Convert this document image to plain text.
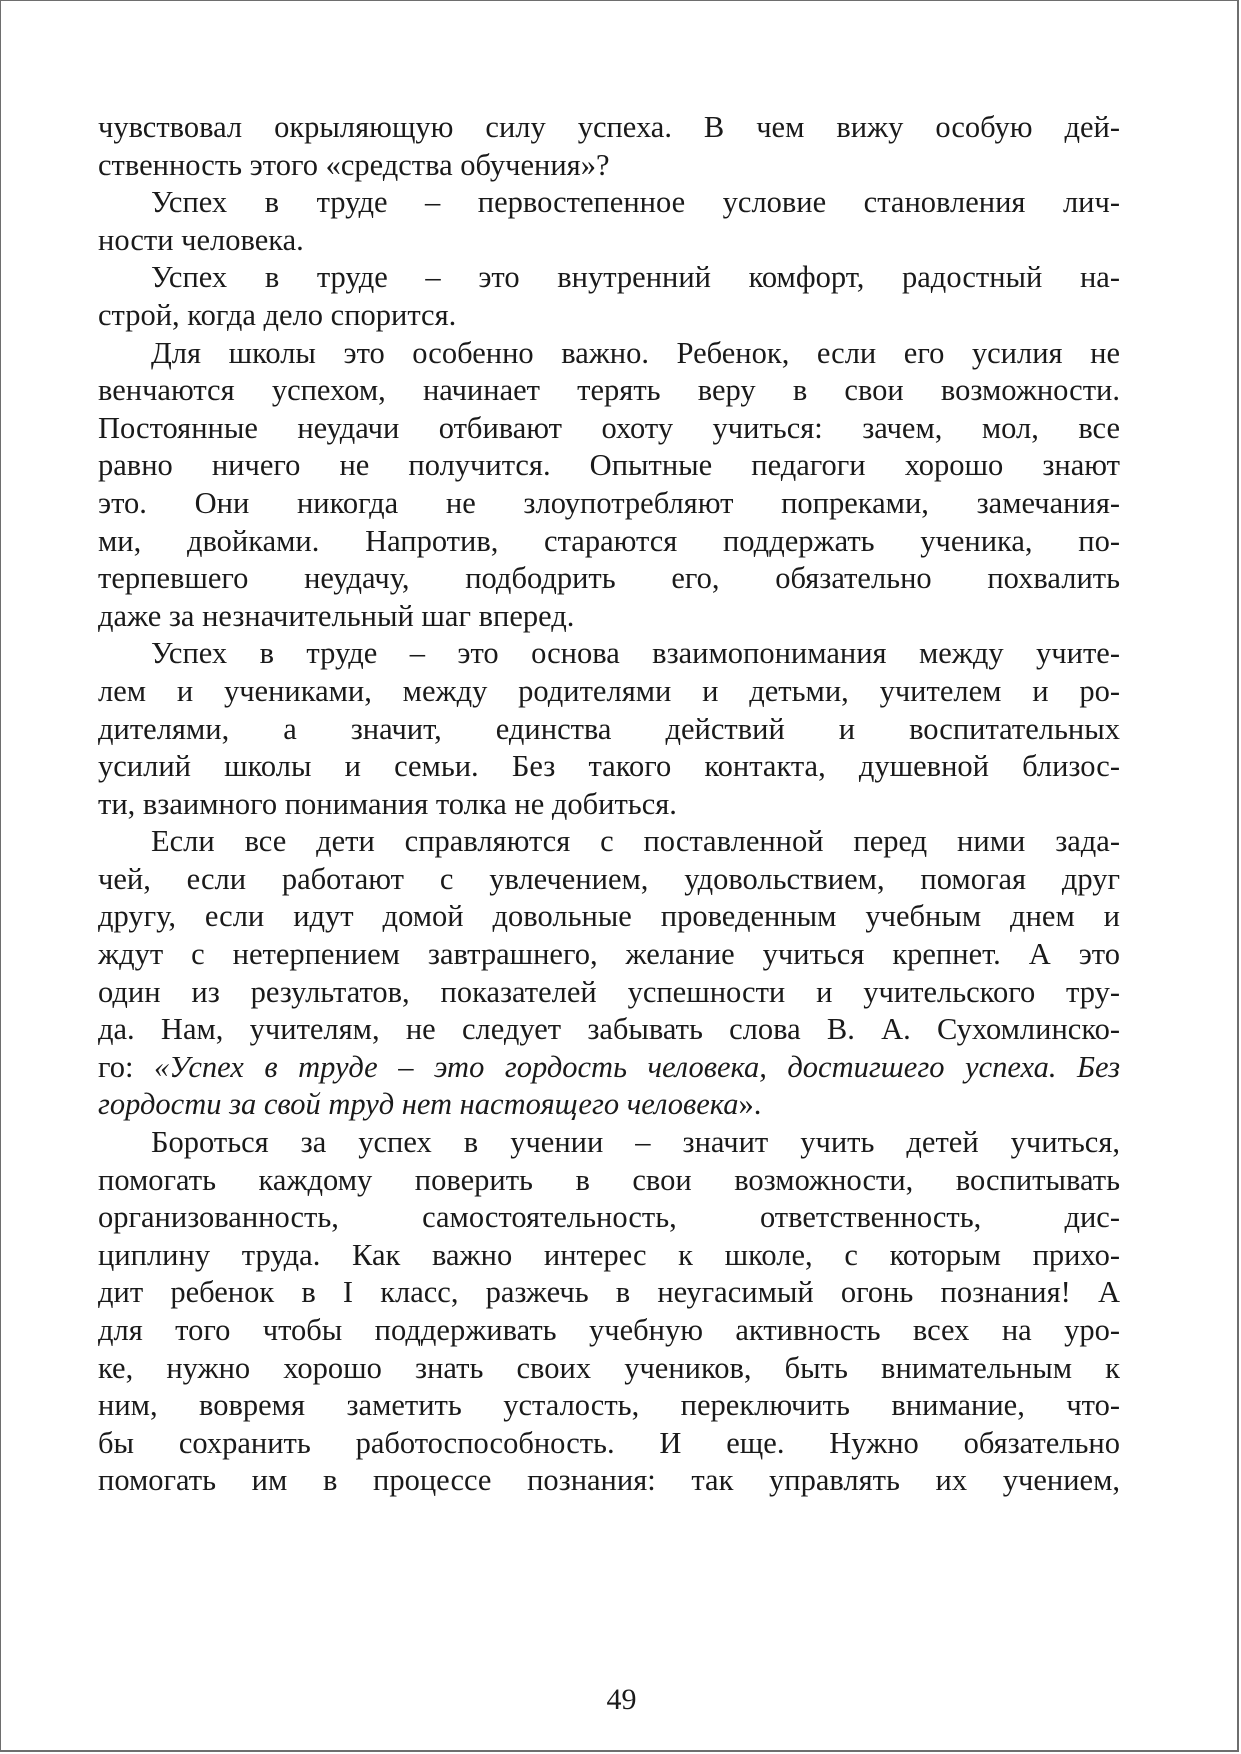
чувствовал окрыляющую силу успеха. В чем вижу особую дей-
ственность этого «средства обучения»?
Успех в труде – первостепенное условие становления лич-
ности человека.
Успех в труде – это внутренний комфорт, радостный на-
строй, когда дело спорится.
Для школы это особенно важно. Ребенок, если его усилия не
венчаются успехом, начинает терять веру в свои возможности.
Постоянные неудачи отбивают охоту учиться: зачем, мол, все
равно ничего не получится. Опытные педагоги хорошо знают
это. Они никогда не злоупотребляют попреками, замечания-
ми, двойками. Напротив, стараются поддержать ученика, по-
терпевшего неудачу, подбодрить его, обязательно похвалить
даже за незначительный шаг вперед.
Успех в труде – это основа взаимопонимания между учите-
лем и учениками, между родителями и детьми, учителем и ро-
дителями, а значит, единства действий и воспитательных
усилий школы и семьи. Без такого контакта, душевной близос-
ти, взаимного понимания толка не добиться.
Если все дети справляются с поставленной перед ними зада-
чей, если работают с увлечением, удовольствием, помогая друг
другу, если идут домой довольные проведенным учебным днем и
ждут с нетерпением завтрашнего, желание учиться крепнет. А это
один из результатов, показателей успешности и учительского тру-
да. Нам, учителям, не следует забывать слова В. А. Сухомлинско-
го: «Успех в труде – это гордость человека, достигшего успеха. Без
гордости за свой труд нет настоящего человека».
Бороться за успех в учении – значит учить детей учиться,
помогать каждому поверить в свои возможности, воспитывать
организованность, самостоятельность, ответственность, дис-
циплину труда. Как важно интерес к школе, с которым прихо-
дит ребенок в I класс, разжечь в неугасимый огонь познания! А
для того чтобы поддерживать учебную активность всех на уро-
ке, нужно хорошо знать своих учеников, быть внимательным к
ним, вовремя заметить усталость, переключить внимание, что-
бы сохранить работоспособность. И еще. Нужно обязательно
помогать им в процессе познания: так управлять их учением,
49
